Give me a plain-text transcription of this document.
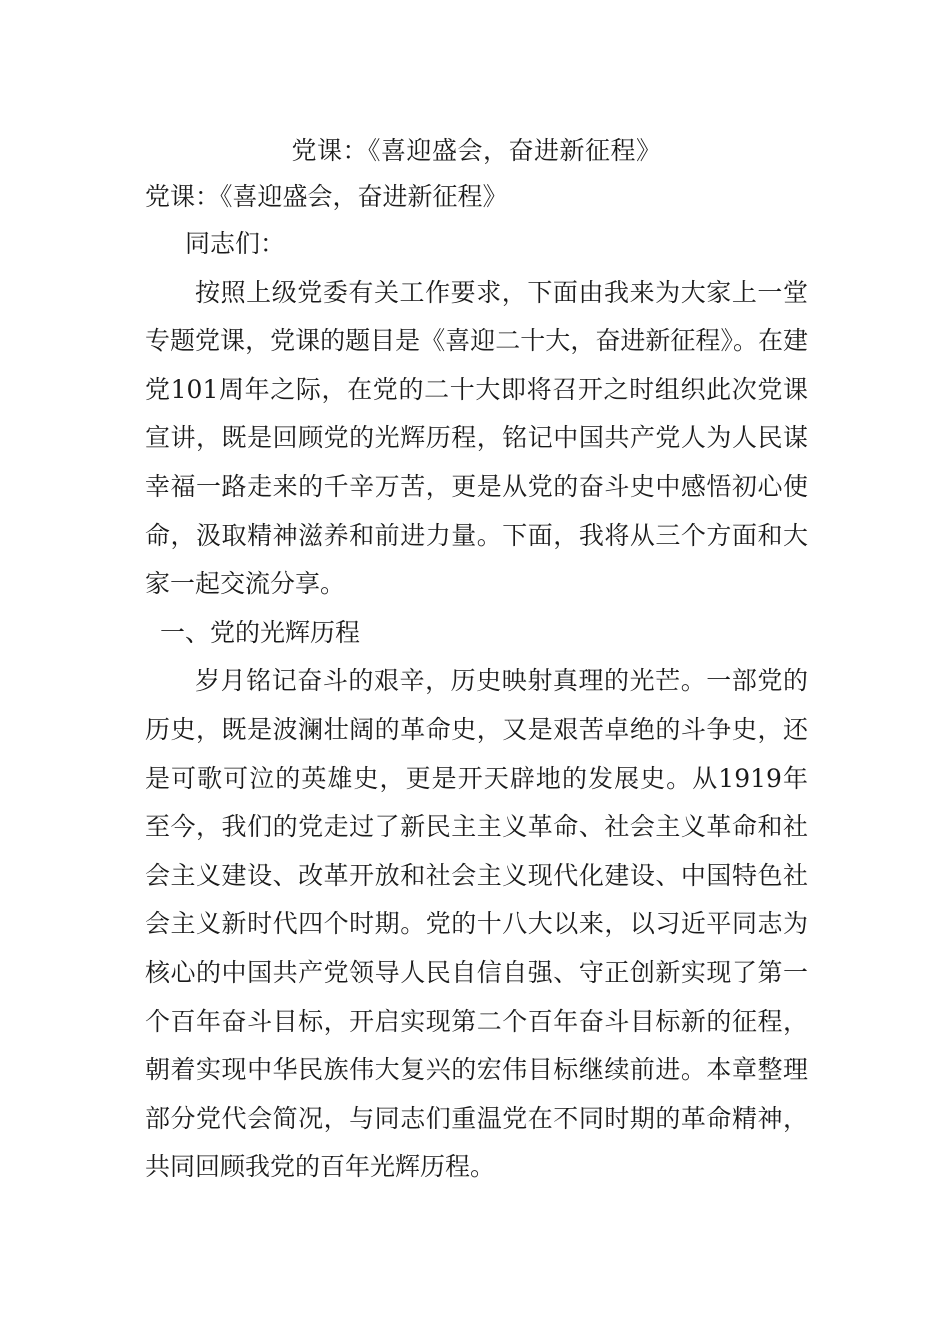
党课：《喜迎盛会，奋进新征程》

党课：《喜迎盛会，奋进新征程》

同志们：

按照上级党委有关工作要求，下面由我来为大家上一堂专题党课，党课的题目是《喜迎二十大，奋进新征程》。在建党101周年之际，在党的二十大即将召开之时组织此次党课宣讲，既是回顾党的光辉历程，铭记中国共产党人为人民谋幸福一路走来的千辛万苦，更是从党的奋斗史中感悟初心使命，汲取精神滋养和前进力量。下面，我将从三个方面和大家一起交流分享。

一、党的光辉历程

岁月铭记奋斗的艰辛，历史映射真理的光芒。一部党的历史，既是波澜壮阔的革命史，又是艰苦卓绝的斗争史，还是可歌可泣的英雄史，更是开天辟地的发展史。从1919年至今，我们的党走过了新民主主义革命、社会主义革命和社会主义建设、改革开放和社会主义现代化建设、中国特色社会主义新时代四个时期。党的十八大以来，以习近平同志为核心的中国共产党领导人民自信自强、守正创新实现了第一个百年奋斗目标，开启实现第二个百年奋斗目标新的征程，朝着实现中华民族伟大复兴的宏伟目标继续前进。本章整理部分党代会简况，与同志们重温党在不同时期的革命精神，共同回顾我党的百年光辉历程。
